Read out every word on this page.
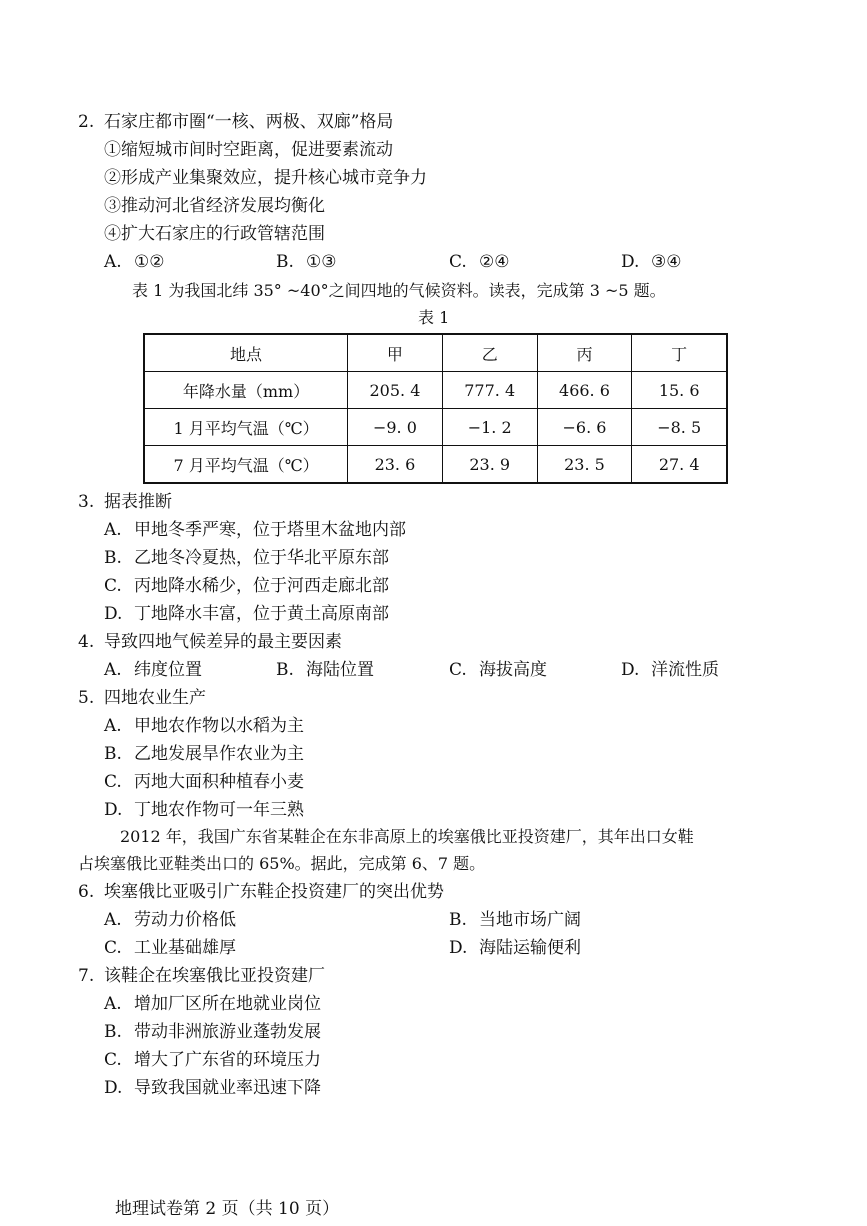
2. 石家庄都市圈“一核、两极、双廊”格局
①缩短城市间时空距离，促进要素流动
②形成产业集聚效应，提升核心城市竞争力
③推动河北省经济发展均衡化
④扩大石家庄的行政管辖范围
A. ①②	B. ①③	C. ②④	D. ③④
表 1 为我国北纬 35° ~40°之间四地的气候资料。读表，完成第 3 ~5 题。
表 1
地点	甲	乙	丙	丁
年降水量（mm）	205. 4	777. 4	466. 6	15. 6
1 月平均气温（℃）	−9. 0	−1. 2	−6. 6	−8. 5
7 月平均气温（℃）	23. 6	23. 9	23. 5	27. 4
3. 据表推断
A. 甲地冬季严寒，位于塔里木盆地内部
B. 乙地冬冷夏热，位于华北平原东部
C. 丙地降水稀少，位于河西走廊北部
D. 丁地降水丰富，位于黄土高原南部
4. 导致四地气候差异的最主要因素
A. 纬度位置	B. 海陆位置	C. 海拔高度	D. 洋流性质
5. 四地农业生产
A. 甲地农作物以水稻为主
B. 乙地发展旱作农业为主
C. 丙地大面积种植春小麦
D. 丁地农作物可一年三熟
2012 年，我国广东省某鞋企在东非高原上的埃塞俄比亚投资建厂，其年出口女鞋
占埃塞俄比亚鞋类出口的 65%。据此，完成第 6、7 题。
6. 埃塞俄比亚吸引广东鞋企投资建厂的突出优势
A. 劳动力价格低	B. 当地市场广阔
C. 工业基础雄厚	D. 海陆运输便利
7. 该鞋企在埃塞俄比亚投资建厂
A. 增加厂区所在地就业岗位
B. 带动非洲旅游业蓬勃发展
C. 增大了广东省的环境压力
D. 导致我国就业率迅速下降
地理试卷第 2 页（共 10 页）
